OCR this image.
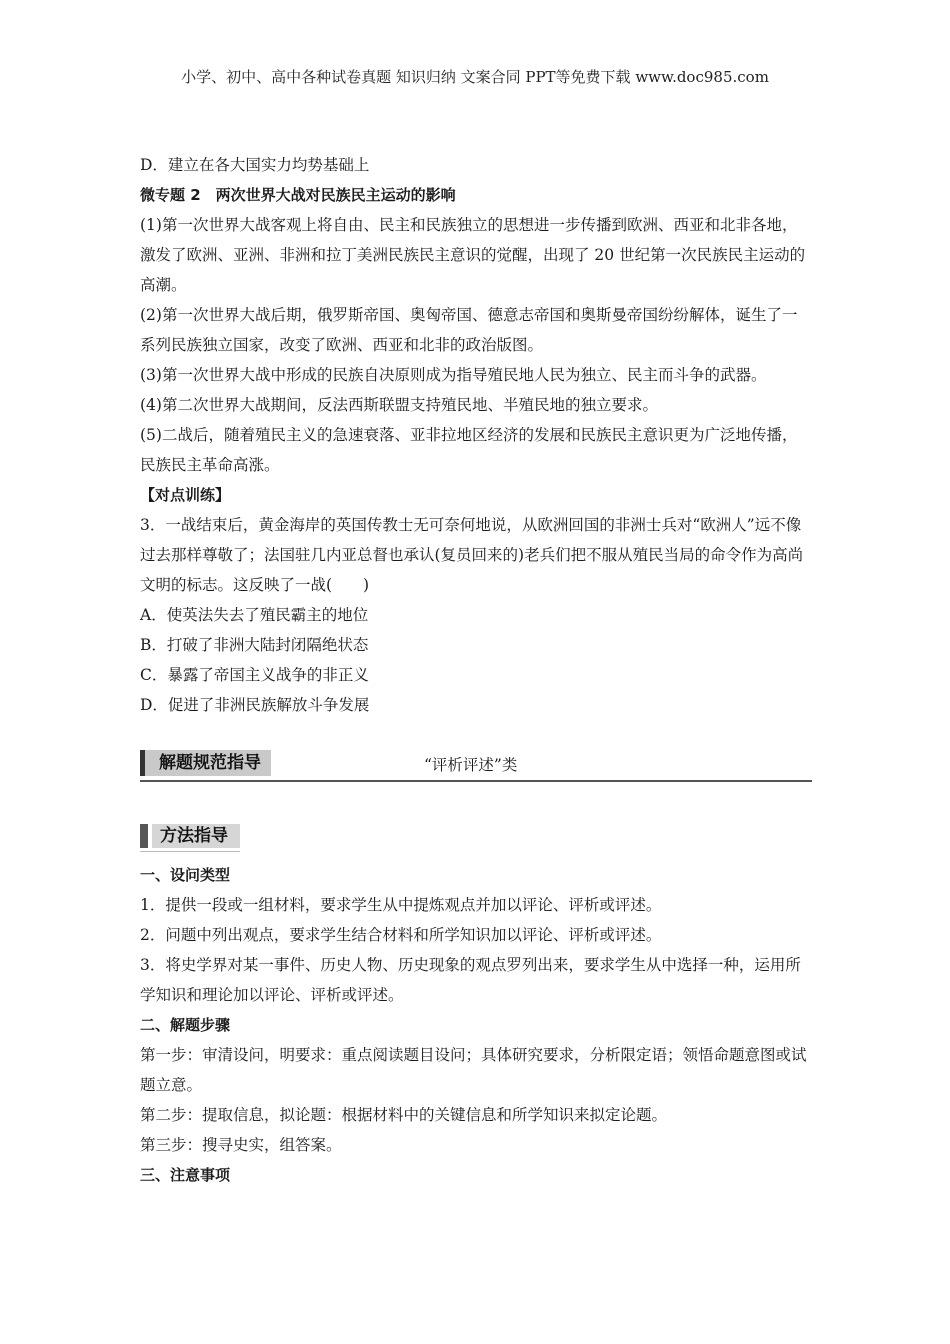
小学、初中、高中各种试卷真题 知识归纳 文案合同 PPT等免费下载 www.doc985.com

D．建立在各大国实力均势基础上

微专题 2　两次世界大战对民族民主运动的影响

(1)第一次世界大战客观上将自由、民主和民族独立的思想进一步传播到欧洲、西亚和北非各地，激发了欧洲、亚洲、非洲和拉丁美洲民族民主意识的觉醒，出现了 20 世纪第一次民族民主运动的高潮。

(2)第一次世界大战后期，俄罗斯帝国、奥匈帝国、德意志帝国和奥斯曼帝国纷纷解体，诞生了一系列民族独立国家，改变了欧洲、西亚和北非的政治版图。

(3)第一次世界大战中形成的民族自决原则成为指导殖民地人民为独立、民主而斗争的武器。

(4)第二次世界大战期间，反法西斯联盟支持殖民地、半殖民地的独立要求。

(5)二战后，随着殖民主义的急速衰落、亚非拉地区经济的发展和民族民主意识更为广泛地传播，民族民主革命高涨。

【对点训练】

3．一战结束后，黄金海岸的英国传教士无可奈何地说，从欧洲回国的非洲士兵对“欧洲人”远不像过去那样尊敬了；法国驻几内亚总督也承认(复员回来的)老兵们把不服从殖民当局的命令作为高尚文明的标志。这反映了一战(　　)

A．使英法失去了殖民霸主的地位

B．打破了非洲大陆封闭隔绝状态

C．暴露了帝国主义战争的非正义

D．促进了非洲民族解放斗争发展

解题规范指导	“评析评述”类
方法指导

一、设问类型

1．提供一段或一组材料，要求学生从中提炼观点并加以评论、评析或评述。

2．问题中列出观点，要求学生结合材料和所学知识加以评论、评析或评述。

3．将史学界对某一事件、历史人物、历史现象的观点罗列出来，要求学生从中选择一种，运用所学知识和理论加以评论、评析或评述。

二、解题步骤

第一步：审清设问，明要求：重点阅读题目设问；具体研究要求，分析限定语；领悟命题意图或试题立意。

第二步：提取信息，拟论题：根据材料中的关键信息和所学知识来拟定论题。

第三步：搜寻史实，组答案。

三、注意事项
